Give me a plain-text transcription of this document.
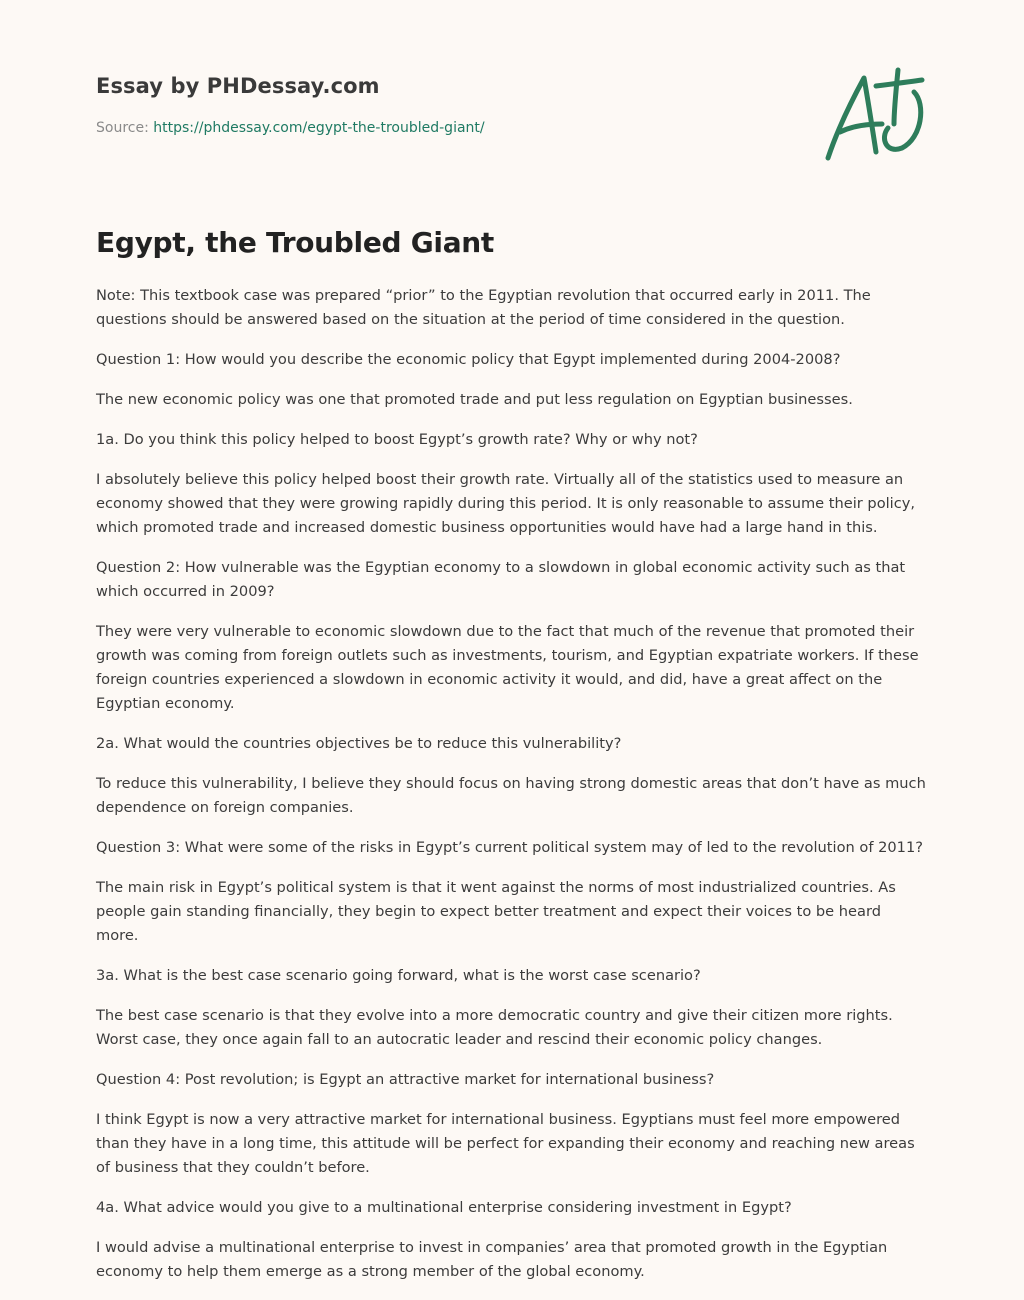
Essay by PHDessay.com
Source: https://phdessay.com/egypt-the-troubled-giant/
Egypt, the Troubled Giant

Note: This textbook case was prepared “prior” to the Egyptian revolution that occurred early in 2011. The questions should be answered based on the situation at the period of time considered in the question.

Question 1: How would you describe the economic policy that Egypt implemented during 2004-2008?

The new economic policy was one that promoted trade and put less regulation on Egyptian businesses.

1a. Do you think this policy helped to boost Egypt’s growth rate? Why or why not?

I absolutely believe this policy helped boost their growth rate. Virtually all of the statistics used to measure an economy showed that they were growing rapidly during this period. It is only reasonable to assume their policy, which promoted trade and increased domestic business opportunities would have had a large hand in this.

Question 2: How vulnerable was the Egyptian economy to a slowdown in global economic activity such as that which occurred in 2009?

They were very vulnerable to economic slowdown due to the fact that much of the revenue that promoted their growth was coming from foreign outlets such as investments, tourism, and Egyptian expatriate workers. If these foreign countries experienced a slowdown in economic activity it would, and did, have a great affect on the Egyptian economy.

2a. What would the countries objectives be to reduce this vulnerability?

To reduce this vulnerability, I believe they should focus on having strong domestic areas that don’t have as much dependence on foreign companies.

Question 3: What were some of the risks in Egypt’s current political system may of led to the revolution of 2011?

The main risk in Egypt’s political system is that it went against the norms of most industrialized countries. As people gain standing financially, they begin to expect better treatment and expect their voices to be heard more.

3a. What is the best case scenario going forward, what is the worst case scenario?

The best case scenario is that they evolve into a more democratic country and give their citizen more rights. Worst case, they once again fall to an autocratic leader and rescind their economic policy changes.

Question 4: Post revolution; is Egypt an attractive market for international business?

I think Egypt is now a very attractive market for international business. Egyptians must feel more empowered than they have in a long time, this attitude will be perfect for expanding their economy and reaching new areas of business that they couldn’t before.

4a. What advice would you give to a multinational enterprise considering investment in Egypt?

I would advise a multinational enterprise to invest in companies’ area that promoted growth in the Egyptian economy to help them emerge as a strong member of the global economy.
